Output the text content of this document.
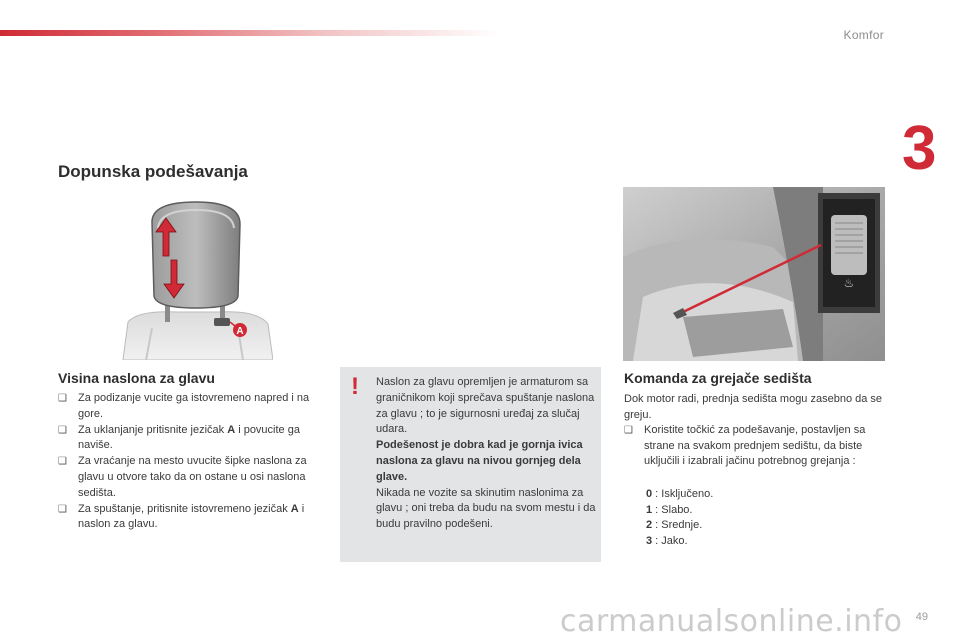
Komfor
3
Dopunska podešavanja
A
♨
Visina naslona za glavu
❑ Za podizanje vucite ga istovremeno napred i na gore.
❑ Za uklanjanje pritisnite jezičak A i povucite ga naviše.
❑ Za vraćanje na mesto uvucite šipke naslona za glavu u otvore tako da on ostane u osi naslona sedišta.
❑ Za spuštanje, pritisnite istovremeno jezičak A i naslon za glavu.
! Naslon za glavu opremljen je armaturom sa graničnikom koji sprečava spuštanje naslona za glavu ; to je sigurnosni uređaj za slučaj udara.
Podešenost je dobra kad je gornja ivica naslona za glavu na nivou gornjeg dela glave.
Nikada ne vozite sa skinutim naslonima za glavu ; oni treba da budu na svom mestu i da budu pravilno podešeni.
Komanda za grejače sedišta
Dok motor radi, prednja sedišta mogu zasebno da se greju.
❑ Koristite točkić za podešavanje, postavljen sa strane na svakom prednjem sedištu, da biste uključili i izabrali jačinu potrebnog grejanja :
0 : Isključeno.
1 : Slabo.
2 : Srednje.
3 : Jako.
carmanualsonline.info 49
